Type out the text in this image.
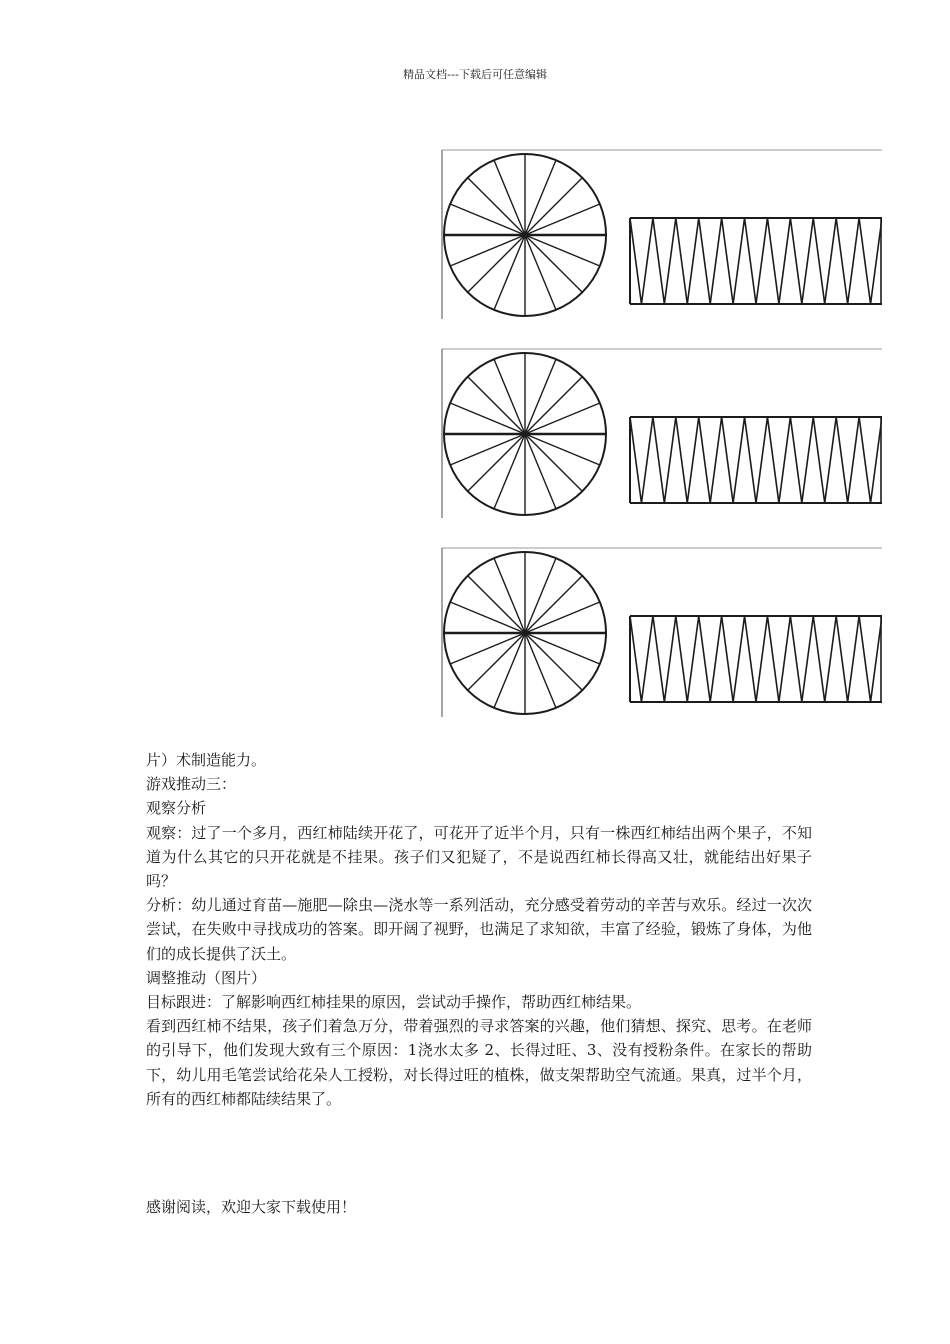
精品文档---下载后可任意编辑

片）术制造能力。

游戏推动三：

观察分析

观察：过了一个多月，西红柿陆续开花了，可花开了近半个月，只有一株西红柿结出两个果子，不知道为什么其它的只开花就是不挂果。孩子们又犯疑了，不是说西红柿长得高又壮，就能结出好果子吗？

分析：幼儿通过育苗—施肥—除虫—浇水等一系列活动，充分感受着劳动的辛苦与欢乐。经过一次次尝试，在失败中寻找成功的答案。即开阔了视野，也满足了求知欲，丰富了经验，锻炼了身体，为他们的成长提供了沃土。

调整推动（图片）

目标跟进：了解影响西红柿挂果的原因，尝试动手操作，帮助西红柿结果。

看到西红柿不结果，孩子们着急万分，带着强烈的寻求答案的兴趣，他们猜想、探究、思考。在老师的引导下，他们发现大致有三个原因：1浇水太多 2、长得过旺、3、没有授粉条件。在家长的帮助下，幼儿用毛笔尝试给花朵人工授粉，对长得过旺的植株，做支架帮助空气流通。果真，过半个月，所有的西红柿都陆续结果了。

感谢阅读，欢迎大家下载使用！
